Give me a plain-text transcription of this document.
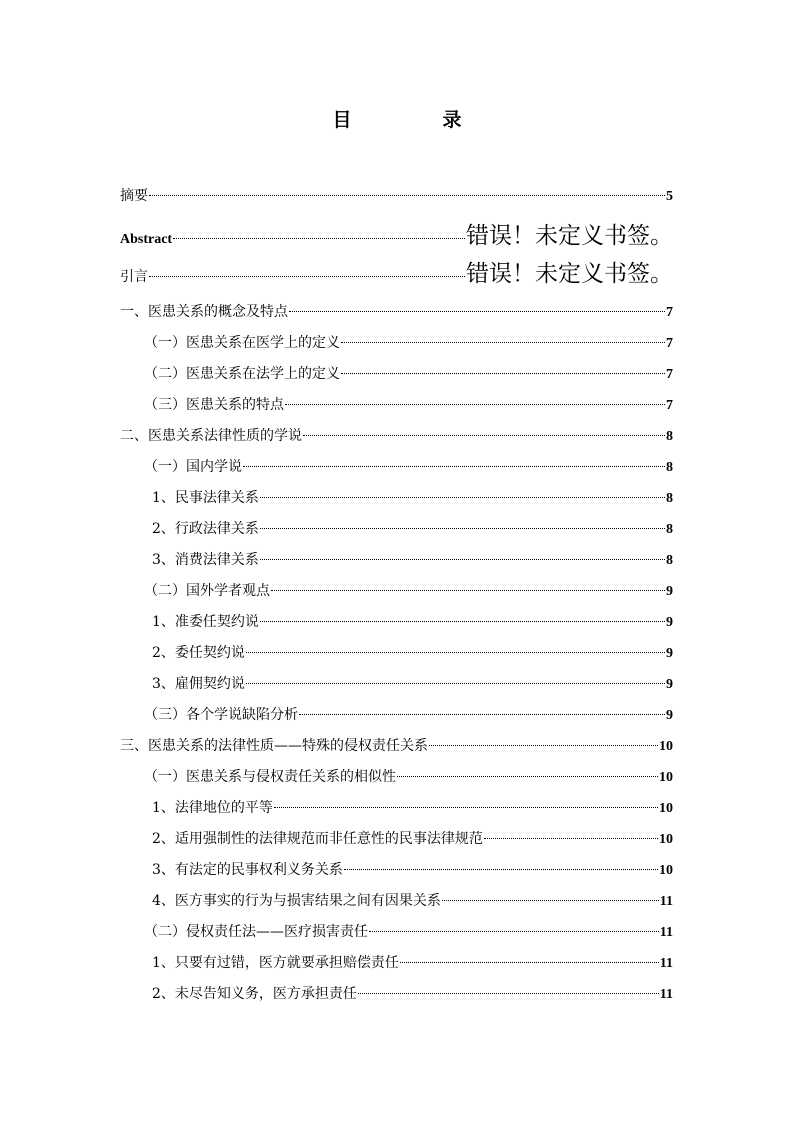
目　录
摘要	5
Abstract	错误！未定义书签。
引言	错误！未定义书签。
一、医患关系的概念及特点	7
（一）医患关系在医学上的定义	7
（二）医患关系在法学上的定义	7
（三）医患关系的特点	7
二、医患关系法律性质的学说	8
（一）国内学说	8
1、民事法律关系	8
2、行政法律关系	8
3、消费法律关系	8
（二）国外学者观点	9
1、准委任契约说	9
2、委任契约说	9
3、雇佣契约说	9
（三）各个学说缺陷分析	9
三、医患关系的法律性质——特殊的侵权责任关系	10
（一）医患关系与侵权责任关系的相似性	10
1、法律地位的平等	10
2、适用强制性的法律规范而非任意性的民事法律规范	10
3、有法定的民事权利义务关系	10
4、医方事实的行为与损害结果之间有因果关系	11
（二）侵权责任法——医疗损害责任	11
1、只要有过错，医方就要承担赔偿责任	11
2、未尽告知义务，医方承担责任	11
